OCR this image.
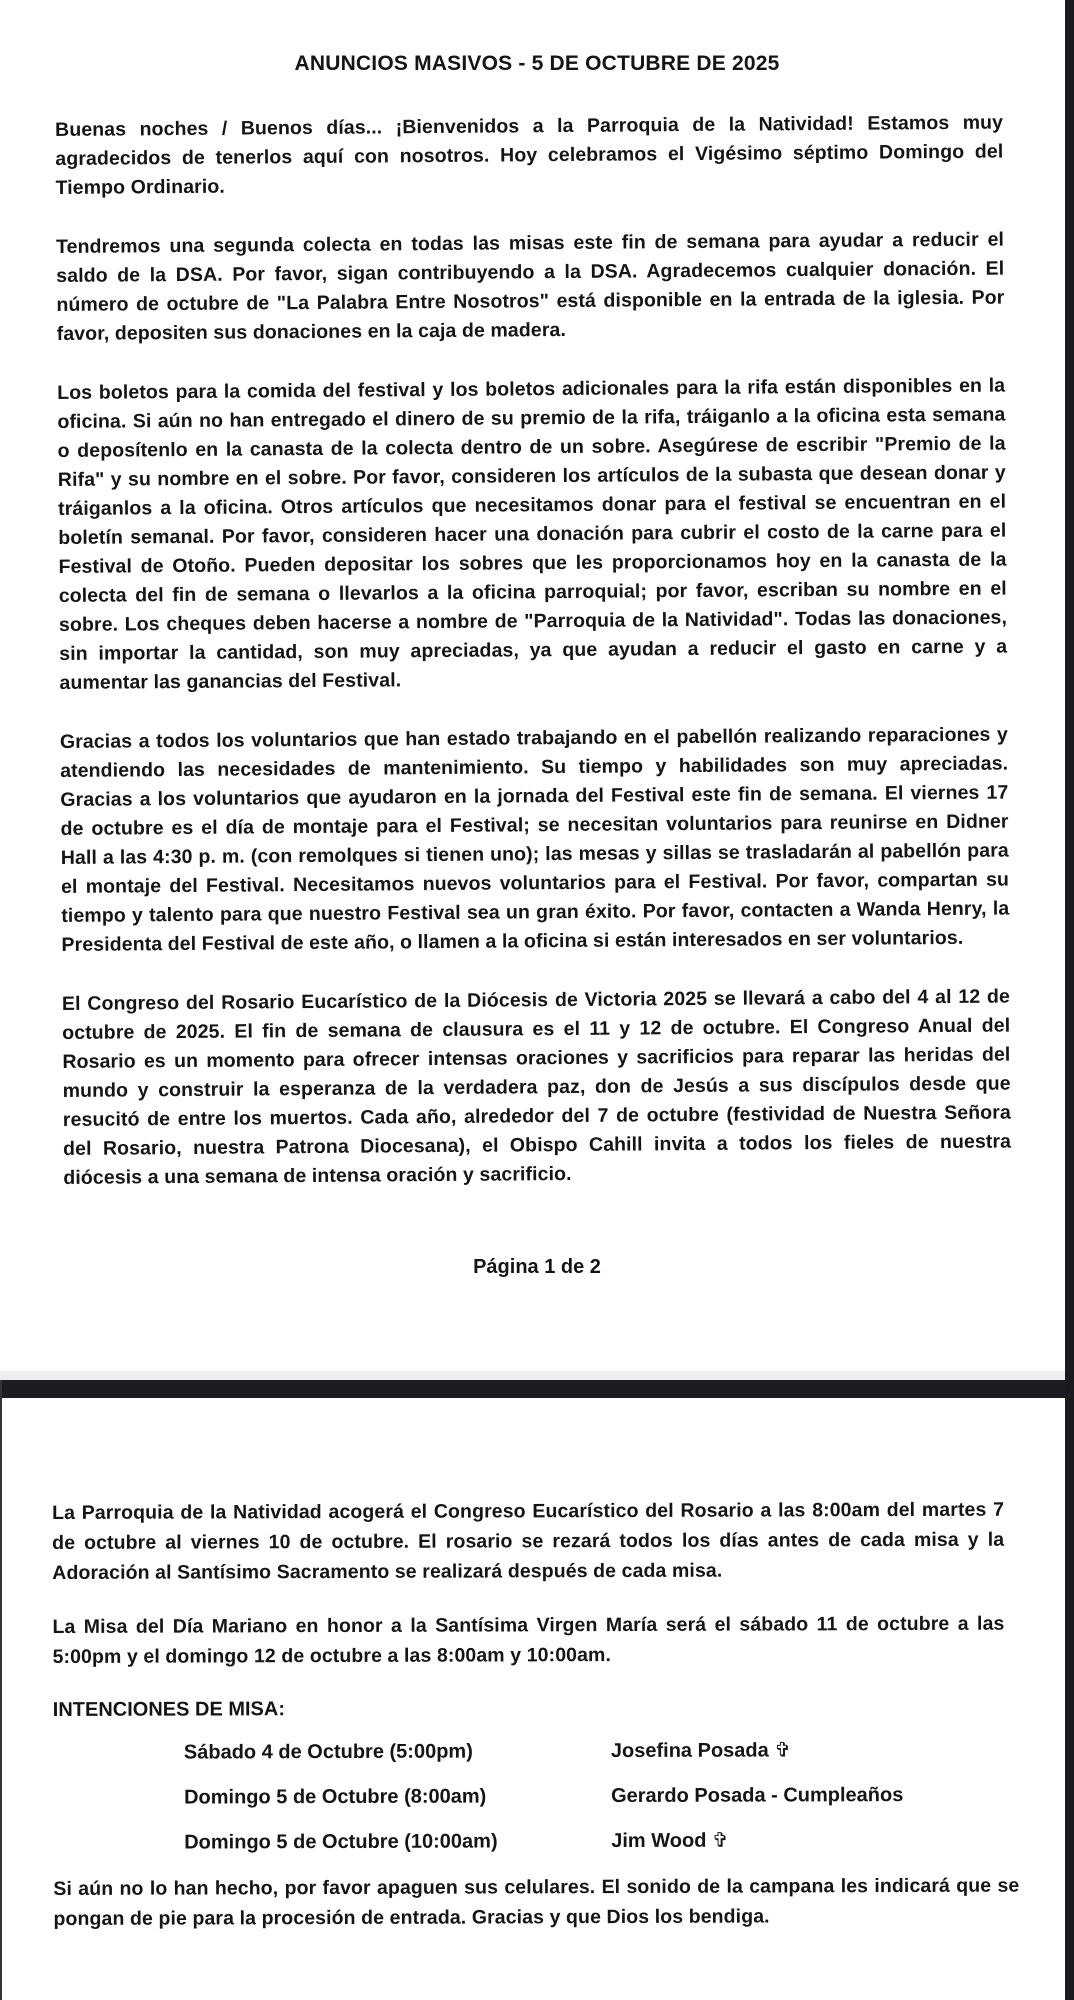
ANUNCIOS MASIVOS - 5 DE OCTUBRE DE 2025

Buenas noches / Buenos días... ¡Bienvenidos a la Parroquia de la Natividad! Estamos muy agradecidos de tenerlos aquí con nosotros. Hoy celebramos el Vigésimo séptimo Domingo del Tiempo Ordinario.

Tendremos una segunda colecta en todas las misas este fin de semana para ayudar a reducir el saldo de la DSA. Por favor, sigan contribuyendo a la DSA. Agradecemos cualquier donación. El número de octubre de "La Palabra Entre Nosotros" está disponible en la entrada de la iglesia. Por favor, depositen sus donaciones en la caja de madera.

Los boletos para la comida del festival y los boletos adicionales para la rifa están disponibles en la oficina. Si aún no han entregado el dinero de su premio de la rifa, tráiganlo a la oficina esta semana o deposítenlo en la canasta de la colecta dentro de un sobre. Asegúrese de escribir "Premio de la Rifa" y su nombre en el sobre. Por favor, consideren los artículos de la subasta que desean donar y tráiganlos a la oficina. Otros artículos que necesitamos donar para el festival se encuentran en el boletín semanal. Por favor, consideren hacer una donación para cubrir el costo de la carne para el Festival de Otoño. Pueden depositar los sobres que les proporcionamos hoy en la canasta de la colecta del fin de semana o llevarlos a la oficina parroquial; por favor, escriban su nombre en el sobre. Los cheques deben hacerse a nombre de "Parroquia de la Natividad". Todas las donaciones, sin importar la cantidad, son muy apreciadas, ya que ayudan a reducir el gasto en carne y a aumentar las ganancias del Festival.

Gracias a todos los voluntarios que han estado trabajando en el pabellón realizando reparaciones y atendiendo las necesidades de mantenimiento. Su tiempo y habilidades son muy apreciadas. Gracias a los voluntarios que ayudaron en la jornada del Festival este fin de semana. El viernes 17 de octubre es el día de montaje para el Festival; se necesitan voluntarios para reunirse en Didner Hall a las 4:30 p. m. (con remolques si tienen uno); las mesas y sillas se trasladarán al pabellón para el montaje del Festival. Necesitamos nuevos voluntarios para el Festival. Por favor, compartan su tiempo y talento para que nuestro Festival sea un gran éxito. Por favor, contacten a Wanda Henry, la Presidenta del Festival de este año, o llamen a la oficina si están interesados en ser voluntarios.

El Congreso del Rosario Eucarístico de la Diócesis de Victoria 2025 se llevará a cabo del 4 al 12 de octubre de 2025. El fin de semana de clausura es el 11 y 12 de octubre. El Congreso Anual del Rosario es un momento para ofrecer intensas oraciones y sacrificios para reparar las heridas del mundo y construir la esperanza de la verdadera paz, don de Jesús a sus discípulos desde que resucitó de entre los muertos. Cada año, alrededor del 7 de octubre (festividad de Nuestra Señora del Rosario, nuestra Patrona Diocesana), el Obispo Cahill invita a todos los fieles de nuestra diócesis a una semana de intensa oración y sacrificio.

Página 1 de 2

La Parroquia de la Natividad acogerá el Congreso Eucarístico del Rosario a las 8:00am del martes 7 de octubre al viernes 10 de octubre. El rosario se rezará todos los días antes de cada misa y la Adoración al Santísimo Sacramento se realizará después de cada misa.

La Misa del Día Mariano en honor a la Santísima Virgen María será el sábado 11 de octubre a las 5:00pm y el domingo 12 de octubre a las 8:00am y 10:00am.

INTENCIONES DE MISA:
Sábado 4 de Octubre (5:00pm)	Josefina Posada ✞
Domingo 5 de Octubre (8:00am)	Gerardo Posada - Cumpleaños
Domingo 5 de Octubre (10:00am)	Jim Wood ✞

Si aún no lo han hecho, por favor apaguen sus celulares. El sonido de la campana les indicará que se pongan de pie para la procesión de entrada. Gracias y que Dios los bendiga.
